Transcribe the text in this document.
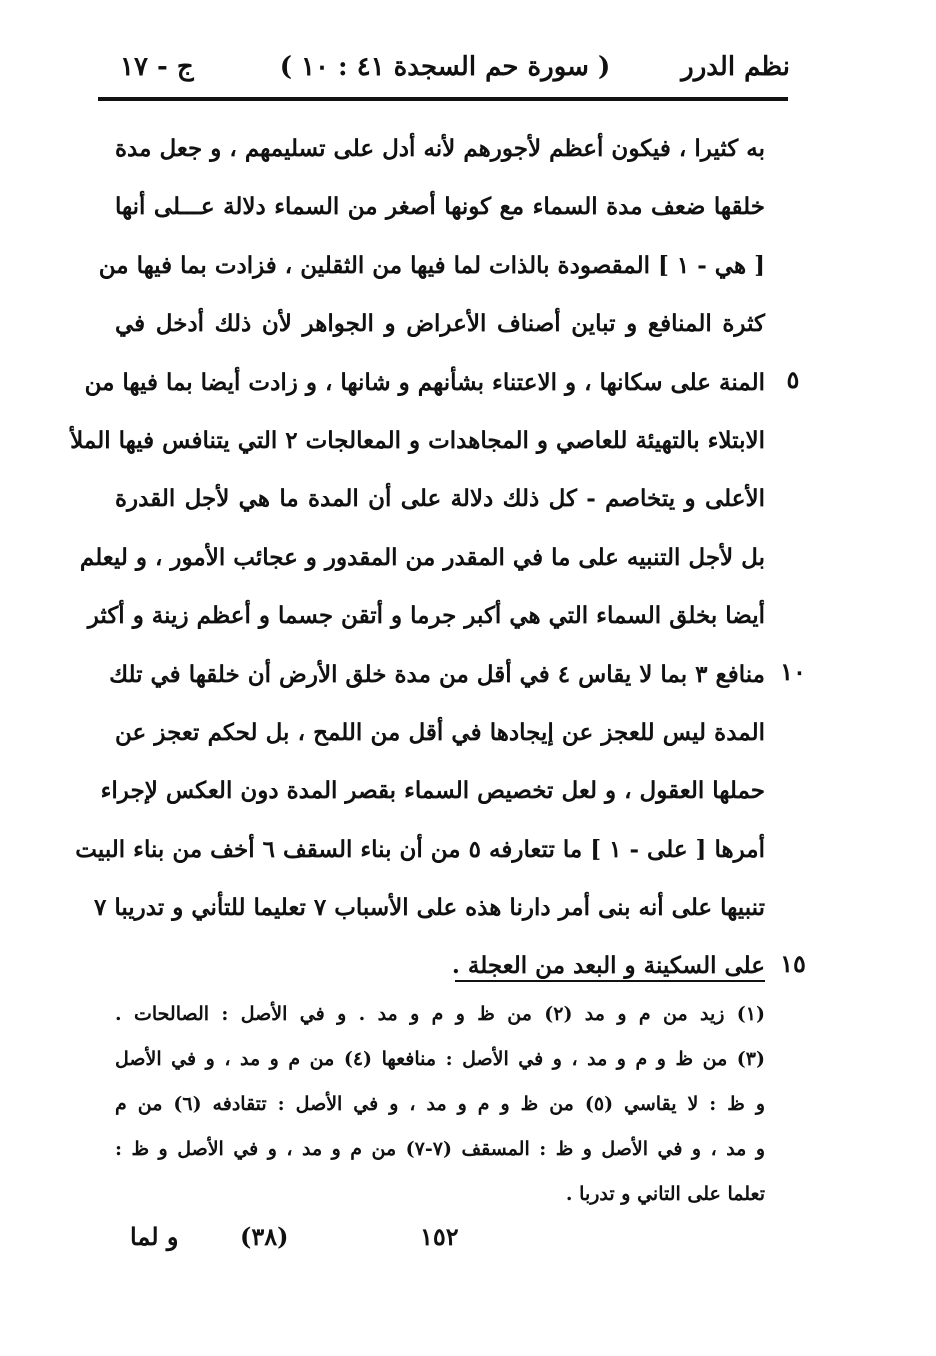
نظم الدرر
( سورة حم السجدة ٤١ : ١٠ )
ج - ١٧
به كثيرا ، فيكون أعظم لأجورهم لأنه أدل على تسليمهم ، و جعل مدة
خلقها ضعف مدة السماء مع كونها أصغر من السماء دلالة عـــلى أنها
[ هي - ١ ] المقصودة بالذات لما فيها من الثقلين ، فزادت بما فيها من
كثرة المنافع و تباين أصناف الأعراض و الجواهر لأن ذلك أدخل في
المنة على سكانها ، و الاعتناء بشأنهم و شانها ، و زادت أيضا بما فيها من
الابتلاء بالتهيئة للعاصي و المجاهدات و المعالجات ٢ التي يتنافس فيها الملأ
الأعلى و يتخاصم - كل ذلك دلالة على أن المدة ما هي لأجل القدرة
بل لأجل التنبيه على ما في المقدر من المقدور و عجائب الأمور ، و ليعلم
أيضا بخلق السماء التي هي أكبر جرما و أتقن جسما و أعظم زينة و أكثر
منافع ٣ بما لا يقاس ٤ في أقل من مدة خلق الأرض أن خلقها في تلك
المدة ليس للعجز عن إيجادها في أقل من اللمح ، بل لحكم تعجز عن
حملها العقول ، و لعل تخصيص السماء بقصر المدة دون العكس لإجراء
أمرها [ على - ١ ] ما تتعارفه ٥ من أن بناء السقف ٦ أخف من بناء البيت
تنبيها على أنه بنى أمر دارنا هذه على الأسباب ٧ تعليما للتأني و تدريبا ٧
على السكينة و البعد من العجلة .
٥
١٠
١٥
(١) زيد من م و مد (٢) من ظ و م و مد . و في الأصل : الصالحات .
(٣) من ظ و م و مد ، و في الأصل : منافعها (٤) من م و مد ، و في الأصل
و ظ : لا يقاسي (٥) من ظ و م و مد ، و في الأصل : تتقادفه (٦) من م
و مد ، و في الأصل و ظ : المسقف (٧-٧) من م و مد ، و في الأصل و ظ :
تعلما على التاني و تدربا .
١٥٢
(٣٨)
و لما
